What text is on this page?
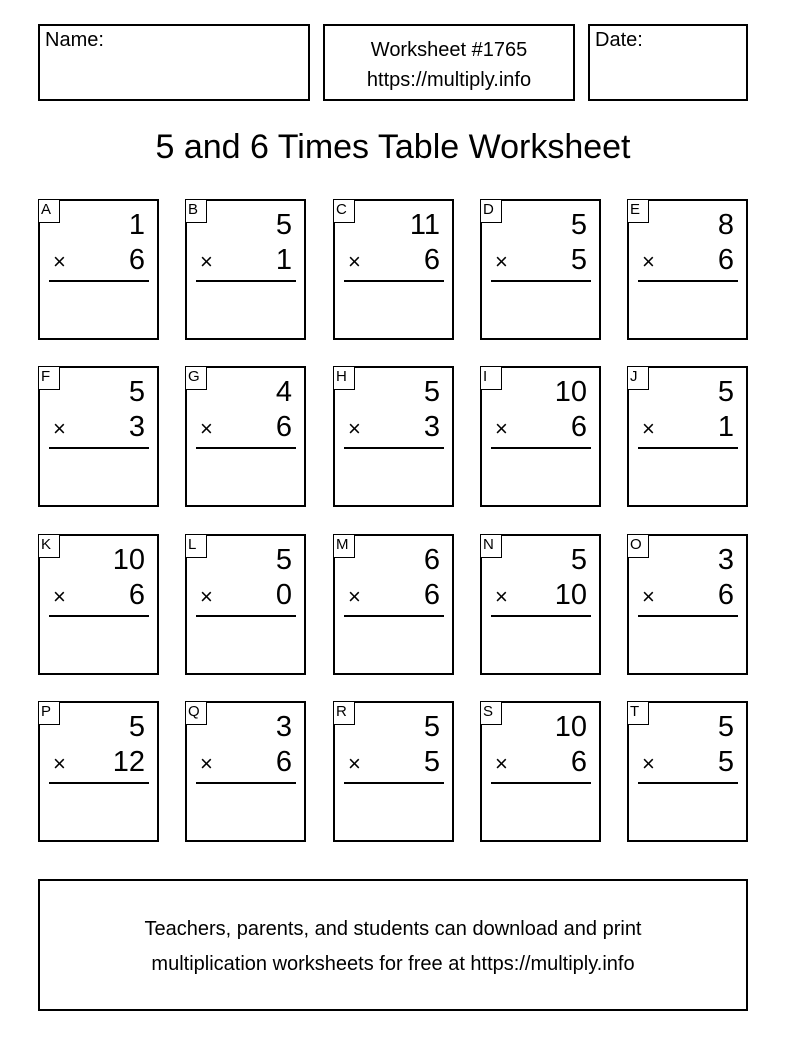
Name:	Worksheet #1765
https://multiply.info
Date:
5 and 6 Times Table Worksheet
A	1
× 6
B	5
× 1
C 11
× 6
D	5
× 5
E	8
× 6
F	5
× 3
G	4
× 6
H	5
× 3
I	10
× 6
J	5
× 1
K	10
× 6
L	5
× 0
M	6
× 6
N	5
× 10
O	3
× 6
P	5
× 12
Q	3
× 6
R	5
× 5
S	10
× 6
T	5
× 5
Teachers, parents, and students can download and print
multiplication worksheets for free at https://multiply.info
